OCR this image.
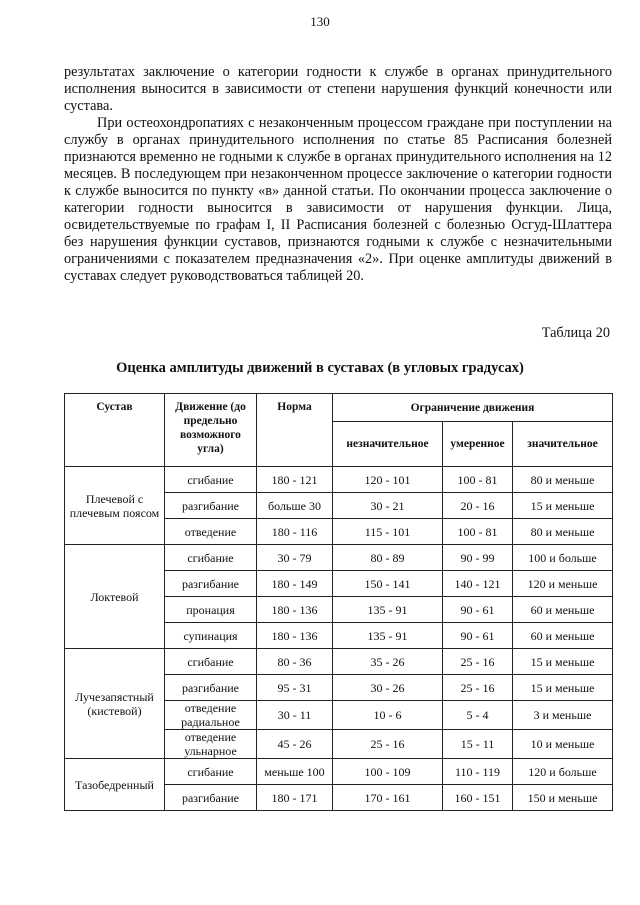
130

результатах заключение о категории годности к службе в органах принудительного исполнения выносится в зависимости от степени нарушения функций конечности или сустава.

При остеохондропатиях с незаконченным процессом граждане при поступлении на службу в органах принудительного исполнения по статье 85 Расписания болезней признаются временно не годными к службе в органах принудительного исполнения на 12 месяцев. В последующем при незаконченном процессе заключение о категории годности к службе выносится по пункту «в» данной статьи. По окончании процесса заключение о категории годности выносится в зависимости от нарушения функции. Лица, освидетельствуемые по графам I, II Расписания болезней с болезнью Осгуд-Шлаттера без нарушения функции суставов, признаются годными к службе с незначительными ограничениями с показателем предназначения «2». При оценке амплитуды движений в суставах следует руководствоваться таблицей 20.

Таблица 20
Оценка амплитуды движений в суставах (в угловых градусах)
Сустав	Движение (до предельно возможного угла)	Норма	Ограничение движения		
			незначительное	умеренное	значительное
Плечевой с плечевым поясом	сгибание	180 - 121	120 - 101	100 - 81	80 и меньше
	разгибание	больше 30	30 - 21	20 - 16	15 и меньше
	отведение	180 - 116	115 - 101	100 - 81	80 и меньше
Локтевой	сгибание	30 - 79	80 - 89	90 - 99	100 и больше
	разгибание	180 - 149	150 - 141	140 - 121	120 и меньше
	пронация	180 - 136	135 - 91	90 - 61	60 и меньше
	супинация	180 - 136	135 - 91	90 - 61	60 и меньше
Лучезапястный (кистевой)	сгибание	80 - 36	35 - 26	25 - 16	15 и меньше
	разгибание	95 - 31	30 - 26	25 - 16	15 и меньше
	отведение радиальное	30 - 11	10 - 6	5 - 4	3 и меньше
	отведение ульнарное	45 - 26	25 - 16	15 - 11	10 и меньше
Тазобедренный	сгибание	меньше 100	100 - 109	110 - 119	120 и больше
	разгибание	180 - 171	170 - 161	160 - 151	150 и меньше
